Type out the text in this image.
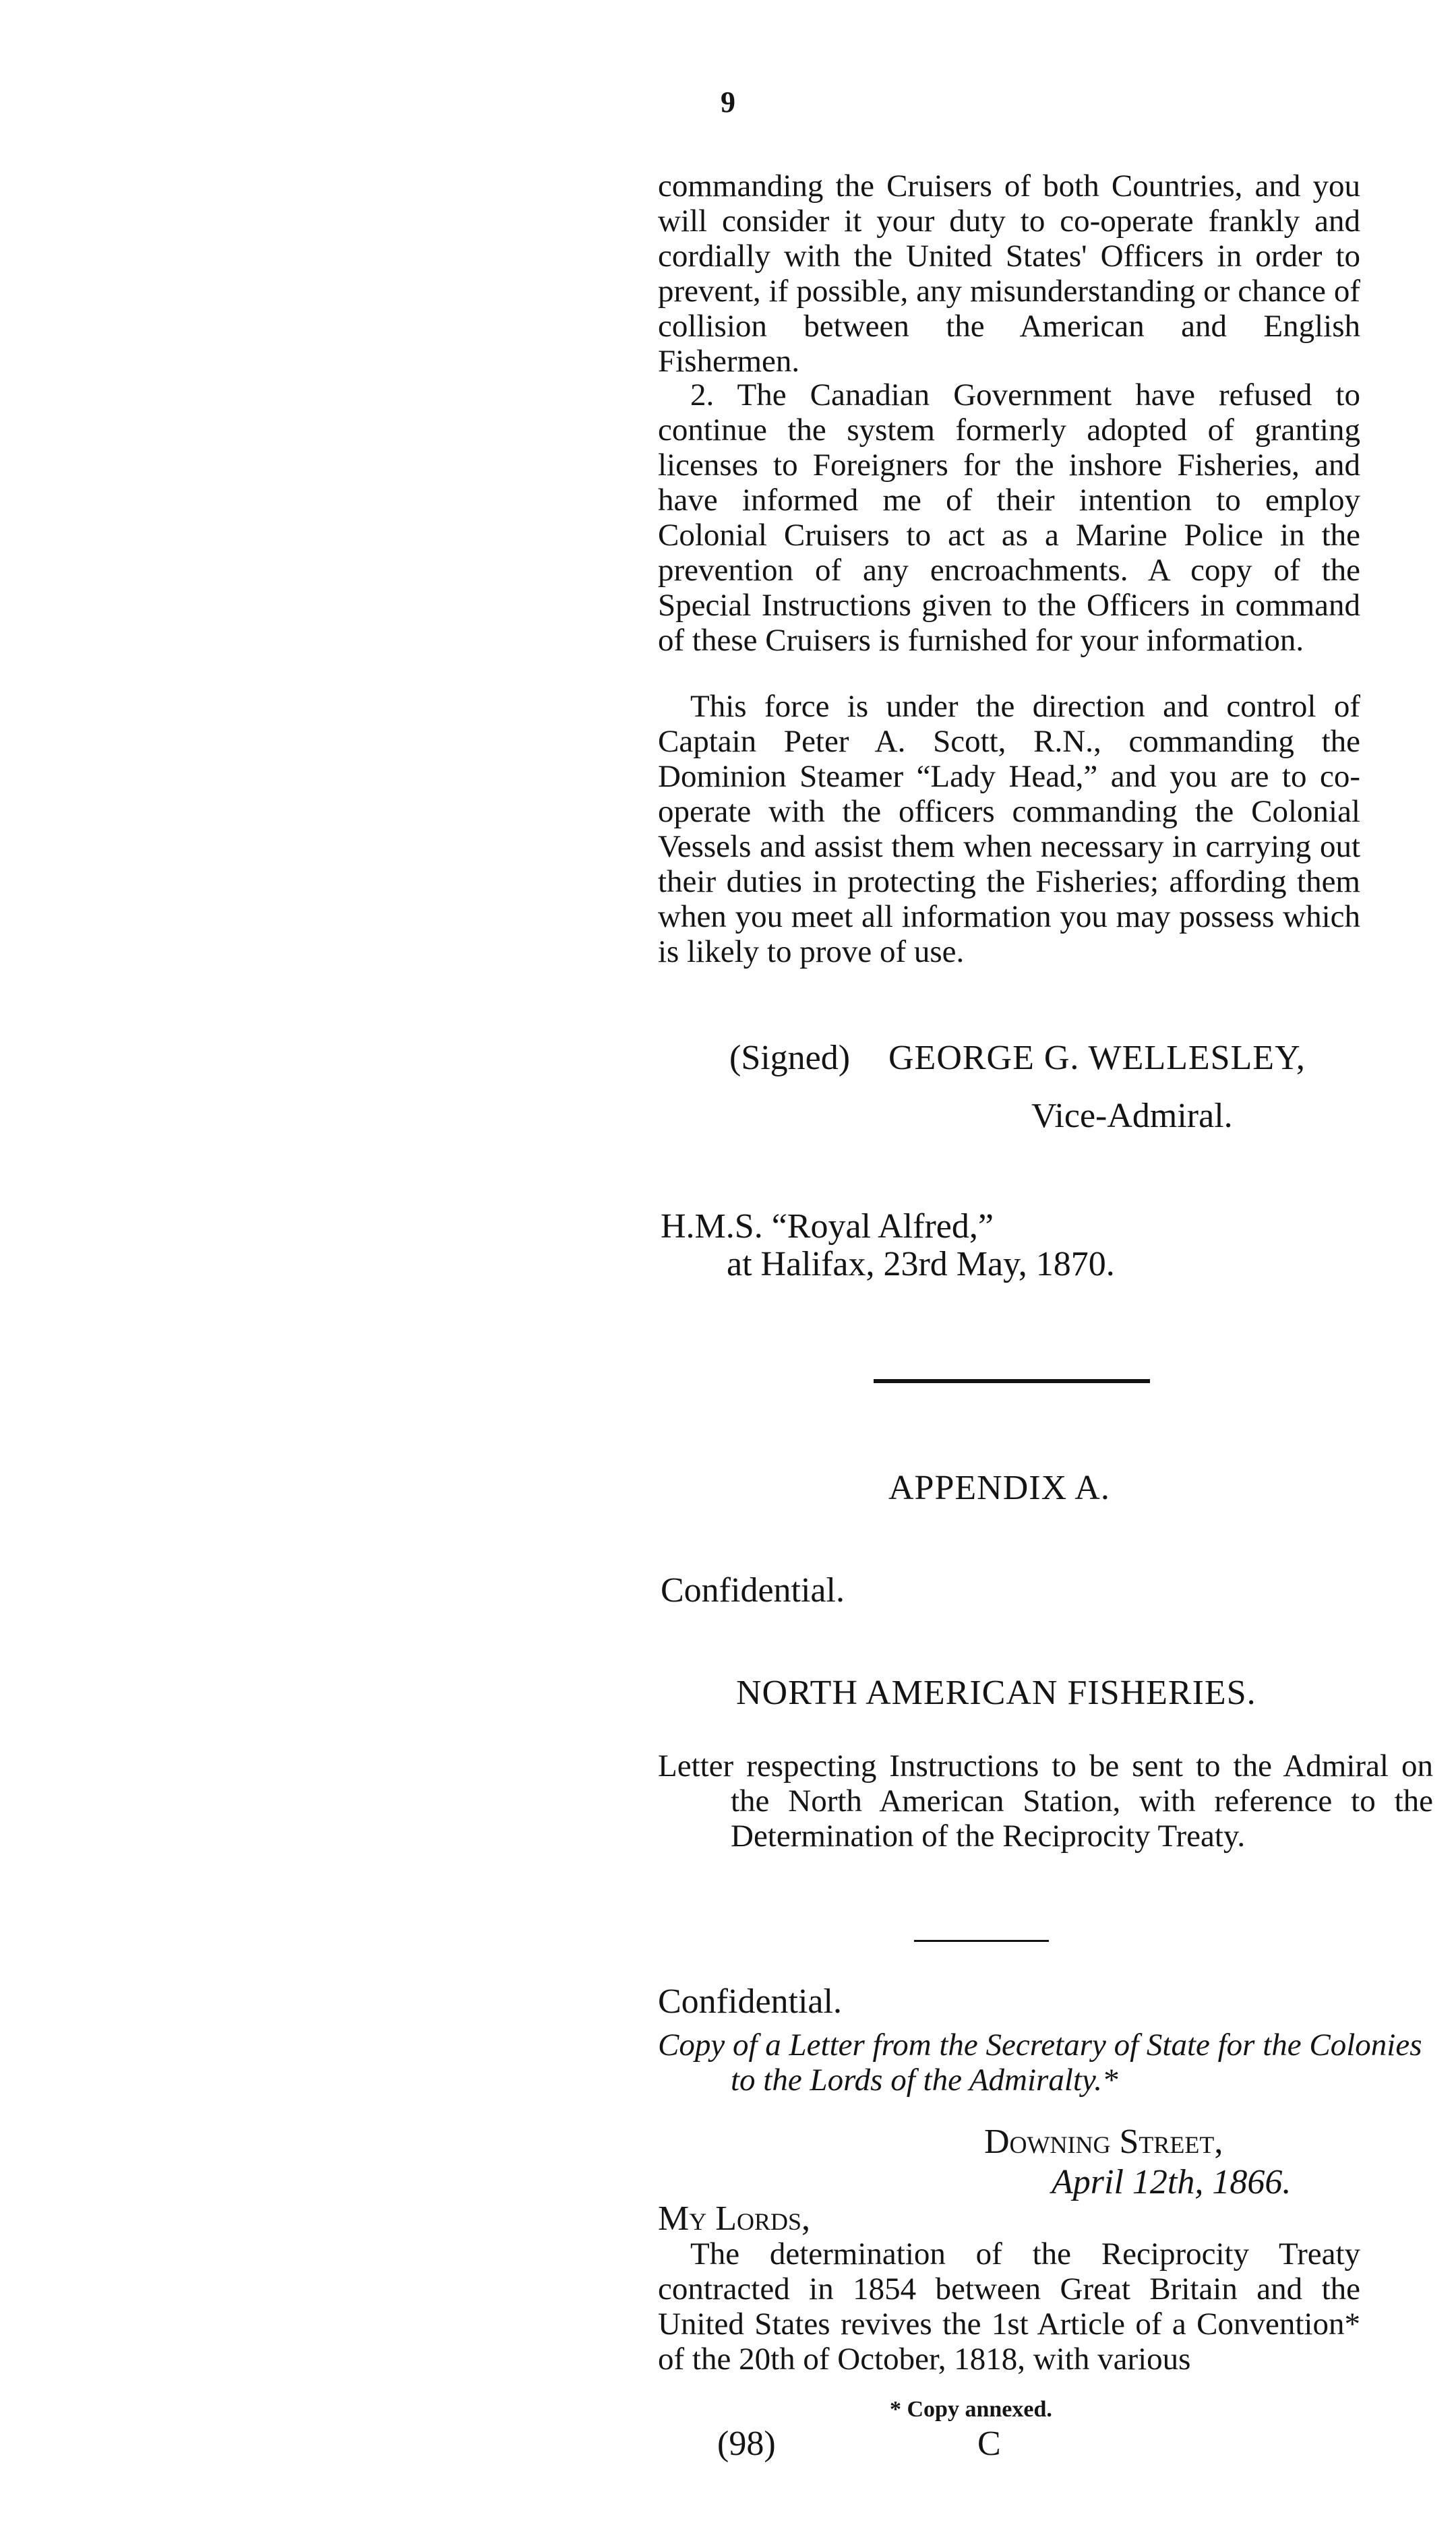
9

commanding the Cruisers of both Countries, and you will consider it your duty to co-operate frankly and cordially with the United States' Officers in order to prevent, if possible, any misunderstanding or chance of collision between the American and English Fishermen.

2. The Canadian Government have refused to continue the system formerly adopted of granting licenses to Foreigners for the inshore Fisheries, and have informed me of their intention to employ Colonial Cruisers to act as a Marine Police in the prevention of any encroachments. A copy of the Special Instructions given to the Officers in command of these Cruisers is furnished for your information.

This force is under the direction and control of Captain Peter A. Scott, R.N., commanding the Dominion Steamer “Lady Head,” and you are to co-operate with the officers commanding the Colonial Vessels and assist them when necessary in carrying out their duties in protecting the Fisheries; affording them when you meet all information you may possess which is likely to prove of use.

(Signed) GEORGE G. WELLESLEY,
Vice-Admiral.
H.M.S. “Royal Alfred,”
at Halifax, 23rd May, 1870.
APPENDIX A.
Confidential.
NORTH AMERICAN FISHERIES.

Letter respecting Instructions to be sent to the Admiral on the North American Station, with reference to the Determination of the Reciprocity Treaty.

Confidential.

Copy of a Letter from the Secretary of State for the Colonies to the Lords of the Admiralty.*

Downing Street,
April 12th, 1866.
My Lords,

The determination of the Reciprocity Treaty contracted in 1854 between Great Britain and the United States revives the 1st Article of a Convention* of the 20th of October, 1818, with various

* Copy annexed.
(98)	C
